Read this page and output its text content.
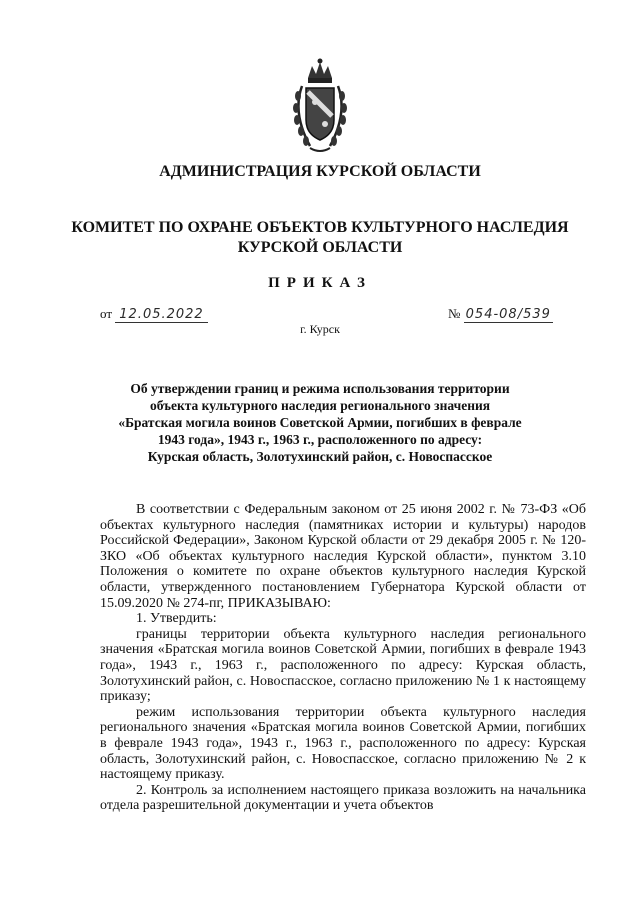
АДМИНИСТРАЦИЯ КУРСКОЙ ОБЛАСТИ
КОМИТЕТ ПО ОХРАНЕ ОБЪЕКТОВ КУЛЬТУРНОГО НАСЛЕДИЯ
КУРСКОЙ ОБЛАСТИ
ПРИКАЗ
от 12.05.2022	№ 054-08/539
г. Курск
Об утверждении границ и режима использования территории
объекта культурного наследия регионального значения
«Братская могила воинов Советской Армии, погибших в феврале
1943 года», 1943 г., 1963 г., расположенного по адресу:
Курская область, Золотухинский район, с. Новоспасское

В соответствии с Федеральным законом от 25 июня 2002 г. № 73-ФЗ «Об объектах культурного наследия (памятниках истории и культуры) народов Российской Федерации», Законом Курской области от 29 декабря 2005 г. № 120-ЗКО «Об объектах культурного наследия Курской области», пунктом 3.10 Положения о комитете по охране объектов культурного наследия Курской области, утвержденного постановлением Губернатора Курской области от 15.09.2020 № 274-пг, ПРИКАЗЫВАЮ:

1. Утвердить:

границы территории объекта культурного наследия регионального значения «Братская могила воинов Советской Армии, погибших в феврале 1943 года», 1943 г., 1963 г., расположенного по адресу: Курская область, Золотухинский район, с. Новоспасское, согласно приложению № 1 к настоящему приказу;

режим использования территории объекта культурного наследия регионального значения «Братская могила воинов Советской Армии, погибших в феврале 1943 года», 1943 г., 1963 г., расположенного по адресу: Курская область, Золотухинский район, с. Новоспасское, согласно приложению № 2 к настоящему приказу.

2. Контроль за исполнением настоящего приказа возложить на начальника отдела разрешительной документации и учета объектов
